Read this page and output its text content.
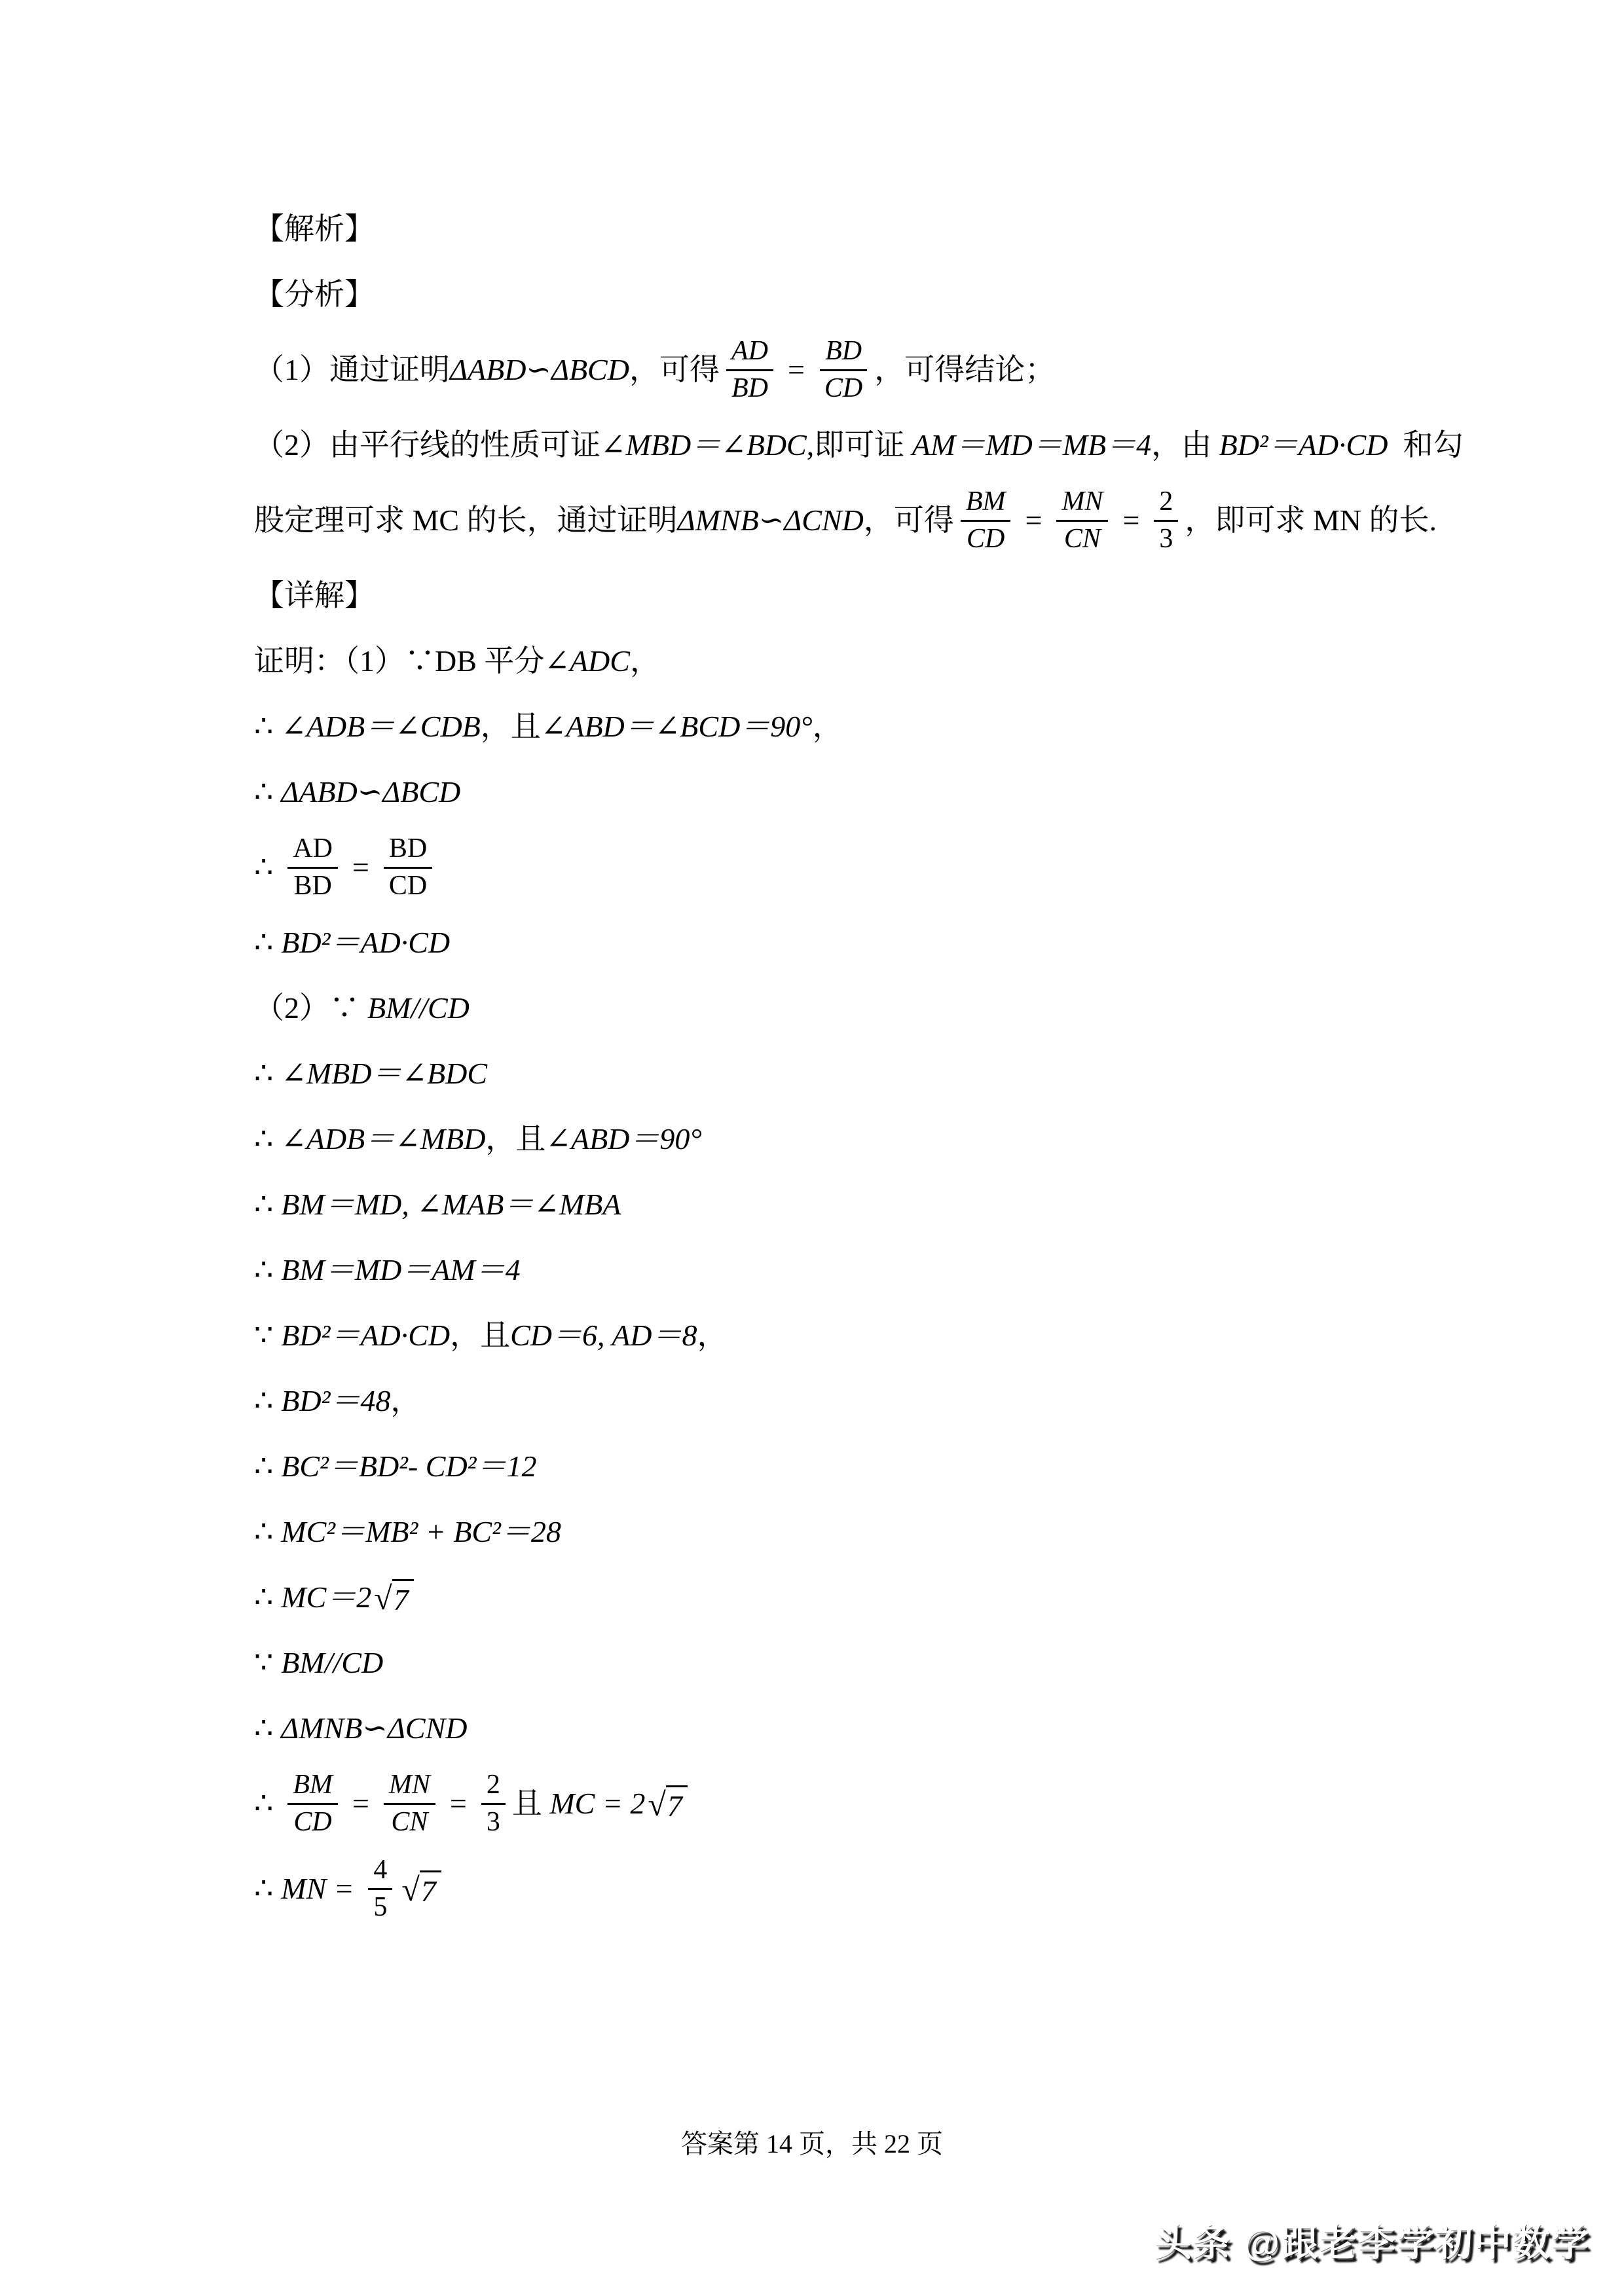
【解析】
【分析】
（1）通过证明 ΔABD∽ΔBCD ，可得 $\frac{AD}{BD} = \frac{BD}{CD}$ ，可得结论；
（2）由平行线的性质可证 ∠MBD＝∠BDC ,即可证 AM＝MD＝MB＝4 ，由 BD²＝AD·CD 和勾
股定理可求 MC 的长，通过证明 ΔMNB∽ΔCND ，可得 $\frac{BM}{CD} = \frac{MN}{CN} = \frac{2}{3}$ ，即可求 MN 的长.
【详解】
证明：（1）∵DB 平分 ∠ADC ，
∴ ∠ADB＝∠CDB ，且 ∠ABD＝∠BCD＝90° ，
∴ ΔABD∽ΔBCD
∴ $\frac{AD}{BD} = \frac{BD}{CD}$
∴ BD²＝AD·CD
（2）∵ BM//CD
∴ ∠MBD＝∠BDC
∴ ∠ADB＝∠MBD ，且 ∠ABD＝90°
∴ BM＝MD, ∠MAB＝∠MBA
∴ BM＝MD＝AM＝4
∵ BD²＝AD·CD ，且 CD＝6, AD＝8 ，
∴ BD²＝48 ，
∴ BC²＝BD²- CD²＝12
∴ MC²＝MB² + BC²＝28
∴ MC＝2 √ 7
∵ BM//CD
∴ ΔMNB∽ΔCND
∴ $\frac{BM}{CD} = \frac{MN}{CN} = \frac{2}{3}$ 且 MC = 2 √ 7
∴ MN = $\frac{4}{5}$ √ 7
答案第 14 页，共 22 页
头条 @跟老李学初中数学
